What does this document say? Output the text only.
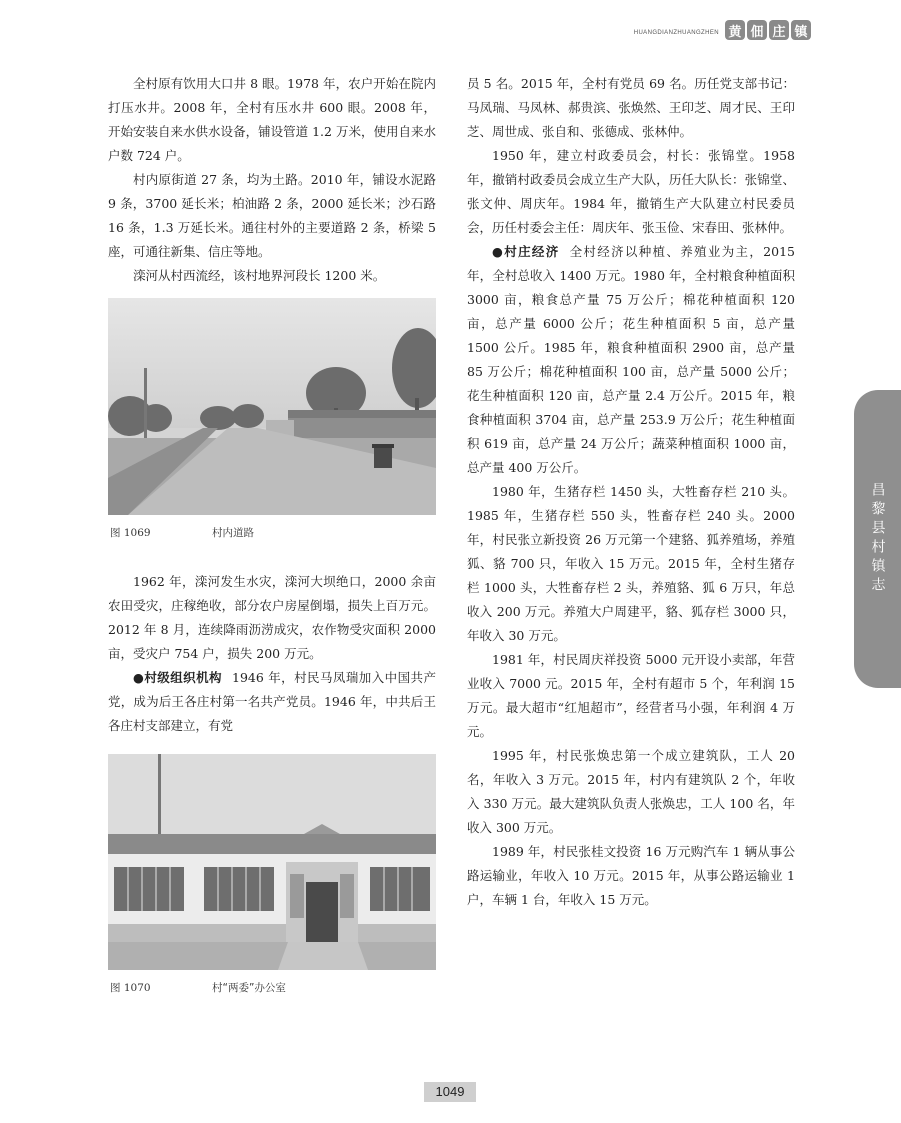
HUANGDIANZHUANGZHEN 黄 佃 庄 镇
昌黎县村镇志

全村原有饮用大口井 8 眼。1978 年，农户开始在院内打压水井。2008 年，全村有压水井 600 眼。2008 年，开始安装自来水供水设备，铺设管道 1.2 万米，使用自来水户数 724 户。

村内原街道 27 条，均为土路。2010 年，铺设水泥路 9 条，3700 延长米；柏油路 2 条，2000 延长米；沙石路 16 条，1.3 万延长米。通往村外的主要道路 2 条，桥梁 5 座，可通往新集、信庄等地。

滦河从村西流经，该村地界河段长 1200 米。

图 1069	村内道路

1962 年，滦河发生水灾，滦河大坝绝口，2000 余亩农田受灾，庄稼绝收，部分农户房屋倒塌，损失上百万元。2012 年 8 月，连续降雨沥涝成灾，农作物受灾面积 2000 亩，受灾户 754 户，损失 200 万元。

●村级组织机构 1946 年，村民马凤瑞加入中国共产党，成为后王各庄村第一名共产党员。1946 年，中共后王各庄村支部建立，有党

图 1070	村“两委”办公室

员 5 名。2015 年，全村有党员 69 名。历任党支部书记：马凤瑞、马凤林、郝贵滨、张焕然、王印芝、周才民、王印芝、周世成、张自和、张德成、张林仲。

1950 年，建立村政委员会，村长：张锦堂。1958 年，撤销村政委员会成立生产大队，历任大队长：张锦堂、张文仲、周庆年。1984 年，撤销生产大队建立村民委员会，历任村委会主任：周庆年、张玉俭、宋春田、张林仲。

●村庄经济 全村经济以种植、养殖业为主，2015 年，全村总收入 1400 万元。1980 年，全村粮食种植面积 3000 亩，粮食总产量 75 万公斤；棉花种植面积 120 亩，总产量 6000 公斤；花生种植面积 5 亩，总产量 1500 公斤。1985 年，粮食种植面积 2900 亩，总产量 85 万公斤；棉花种植面积 100 亩，总产量 5000 公斤；花生种植面积 120 亩，总产量 2.4 万公斤。2015 年，粮食种植面积 3704 亩，总产量 253.9 万公斤；花生种植面积 619 亩，总产量 24 万公斤；蔬菜种植面积 1000 亩，总产量 400 万公斤。

1980 年，生猪存栏 1450 头，大牲畜存栏 210 头。1985 年，生猪存栏 550 头，牲畜存栏 240 头。2000 年，村民张立新投资 26 万元第一个建貉、狐养殖场，养殖狐、貉 700 只，年收入 15 万元。2015 年，全村生猪存栏 1000 头，大牲畜存栏 2 头，养殖貉、狐 6 万只，年总收入 200 万元。养殖大户周建平，貉、狐存栏 3000 只，年收入 30 万元。

1981 年，村民周庆祥投资 5000 元开设小卖部，年营业收入 7000 元。2015 年，全村有超市 5 个，年利润 15 万元。最大超市“红旭超市”，经营者马小强，年利润 4 万元。

1995 年，村民张焕忠第一个成立建筑队，工人 20 名，年收入 3 万元。2015 年，村内有建筑队 2 个，年收入 330 万元。最大建筑队负责人张焕忠，工人 100 名，年收入 300 万元。

1989 年，村民张桂文投资 16 万元购汽车 1 辆从事公路运输业，年收入 10 万元。2015 年，从事公路运输业 1 户，车辆 1 台，年收入 15 万元。

1049
